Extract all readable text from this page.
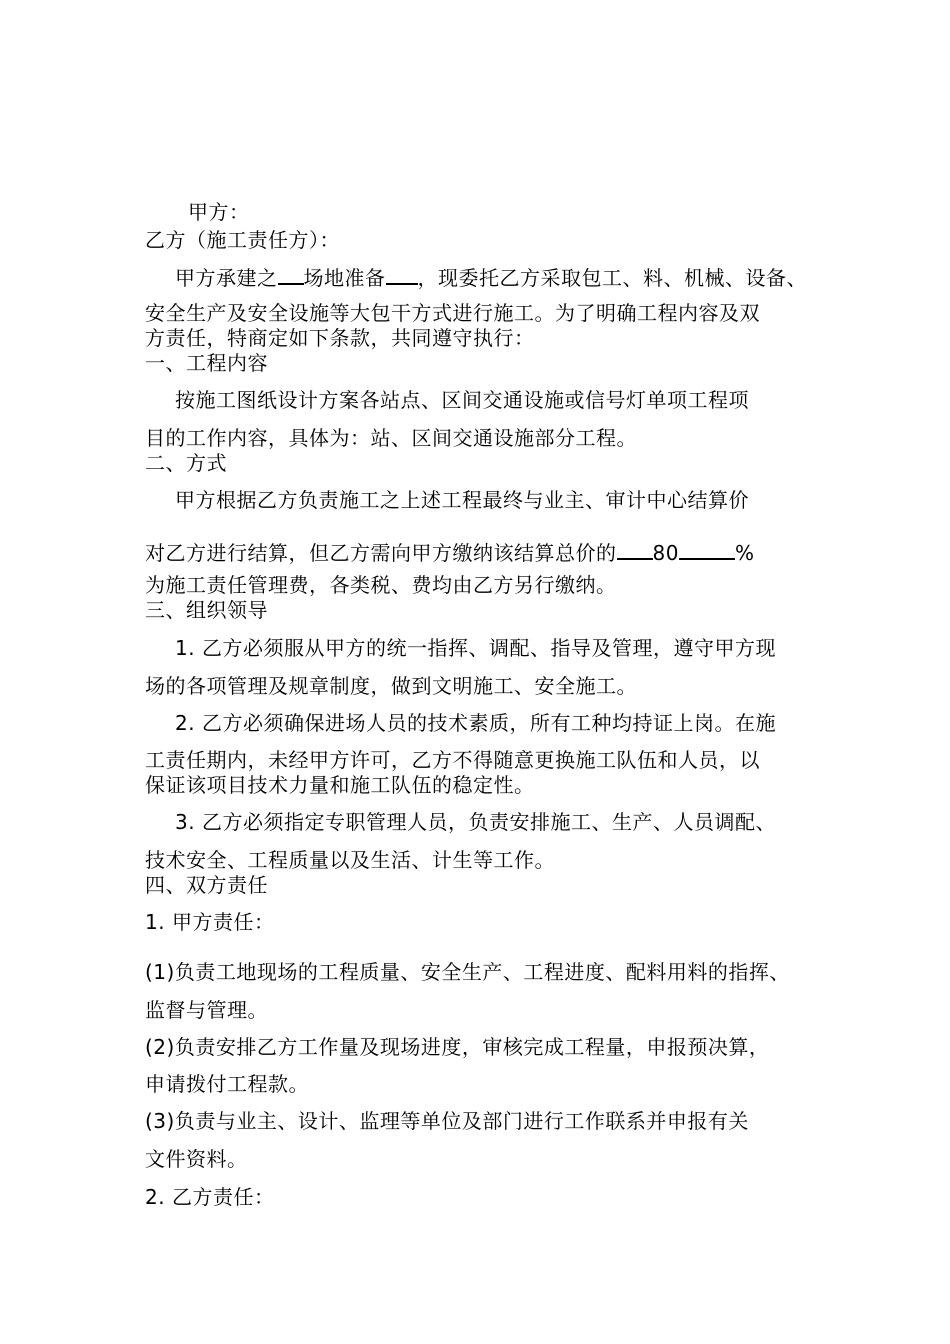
甲方：
乙方（施工责任方）：
甲方承建之 场地准备 ，现委托乙方采取包工、料、机械、设备、
安全生产及安全设施等大包干方式进行施工。为了明确工程内容及双
方责任，特商定如下条款，共同遵守执行：
一、工程内容
按施工图纸设计方案各站点、区间交通设施或信号灯单项工程项
目的工作内容，具体为：站、区间交通设施部分工程。
二、方式
甲方根据乙方负责施工之上述工程最终与业主、审计中心结算价
对乙方进行结算，但乙方需向甲方缴纳该结算总价的 80	%
为施工责任管理费，各类税、费均由乙方另行缴纳。
三、组织领导
1. 乙方必须服从甲方的统一指挥、调配、指导及管理，遵守甲方现
场的各项管理及规章制度，做到文明施工、安全施工。
2. 乙方必须确保进场人员的技术素质，所有工种均持证上岗。在施
工责任期内，未经甲方许可，乙方不得随意更换施工队伍和人员，以
保证该项目技术力量和施工队伍的稳定性。
3. 乙方必须指定专职管理人员，负责安排施工、生产、人员调配、
技术安全、工程质量以及生活、计生等工作。
四、双方责任
1. 甲方责任：
(1)负责工地现场的工程质量、安全生产、工程进度、配料用料的指挥、
监督与管理。
(2)负责安排乙方工作量及现场进度，审核完成工程量，申报预决算，
申请拨付工程款。
(3)负责与业主、设计、监理等单位及部门进行工作联系并申报有关
文件资料。
2. 乙方责任：
